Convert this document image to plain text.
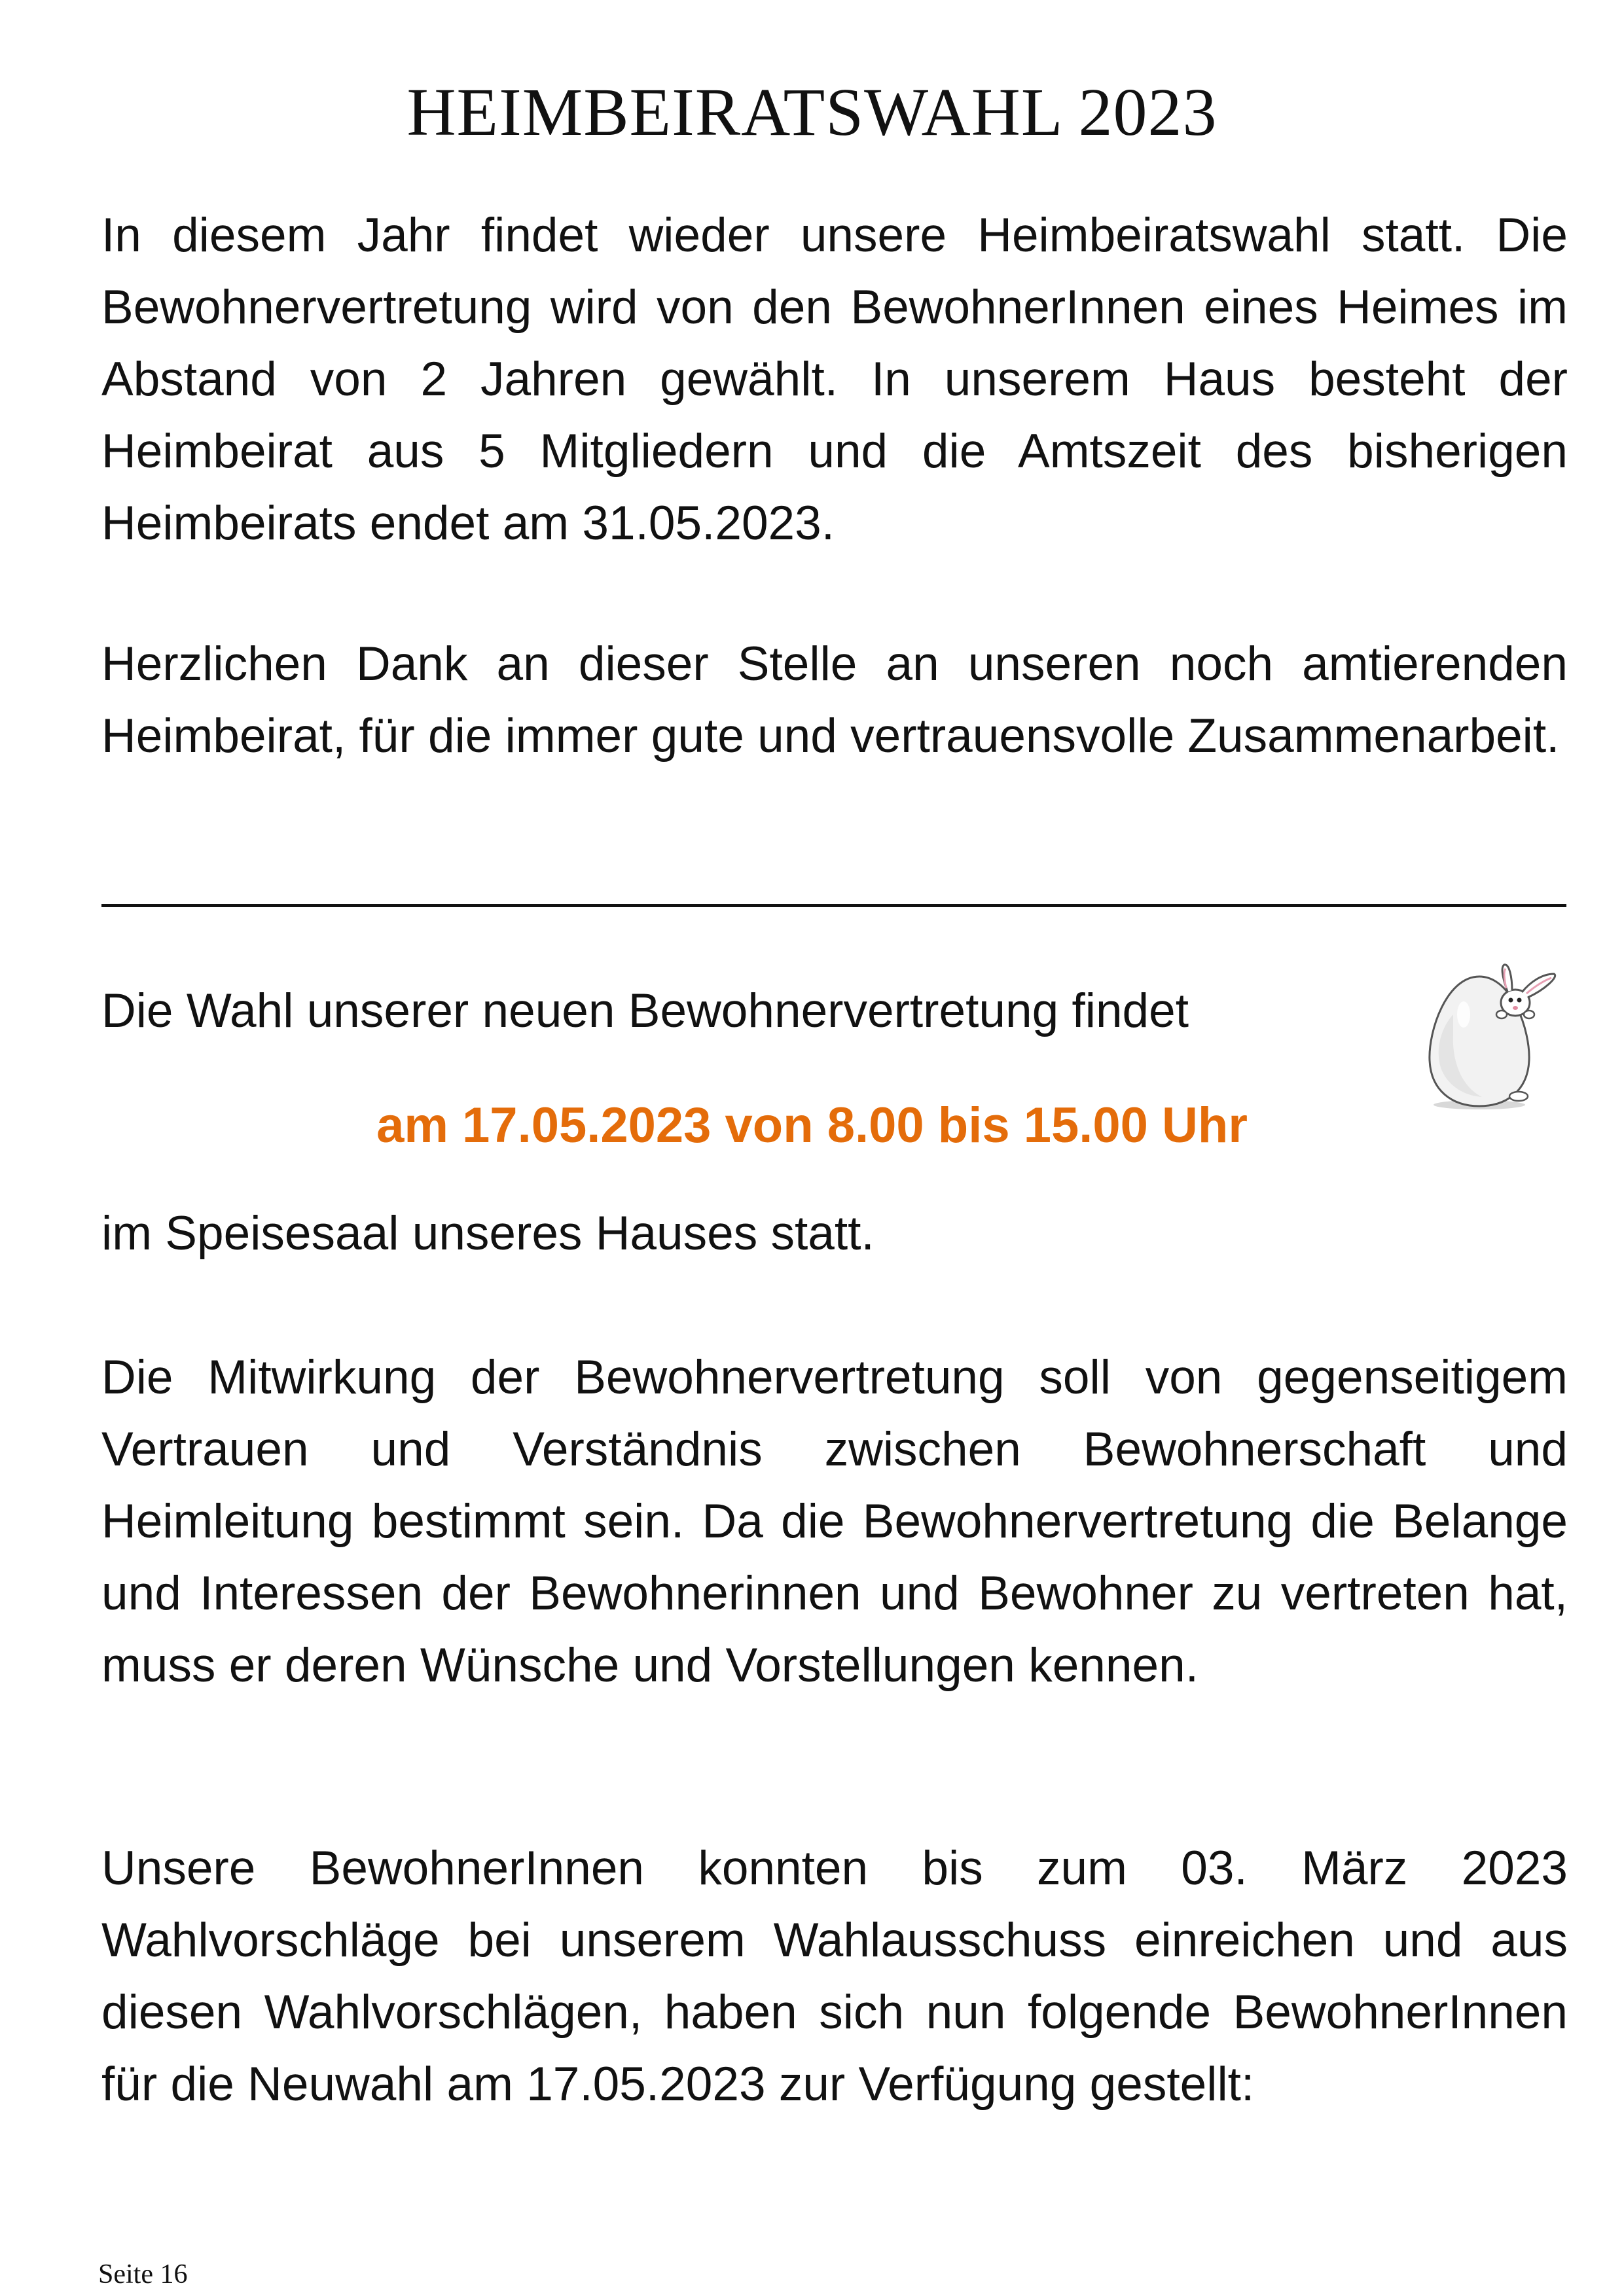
HEIMBEIRATSWAHL 2023

In diesem Jahr findet wieder unsere Heimbeiratswahl statt. Die Bewohnervertretung wird von den BewohnerInnen eines Heimes im Abstand von 2 Jahren gewählt. In unserem Haus besteht der Heimbeirat aus 5 Mitgliedern und die Amtszeit des bisherigen Heimbeirats endet am 31.05.2023.

Herzlichen Dank an dieser Stelle an unseren noch amtierenden Heimbeirat, für die immer gute und vertrauensvolle Zusammenarbeit.

Die Wahl unserer neuen Bewohnervertretung findet

am 17.05.2023 von 8.00 bis 15.00 Uhr

im Speisesaal unseres Hauses statt.

Die Mitwirkung der Bewohnervertretung soll von gegenseitigem Vertrauen und Verständnis zwischen Bewohnerschaft und Heimleitung bestimmt sein. Da die Bewohnervertretung die Belange und Interessen der Bewohnerinnen und Bewohner zu vertreten hat, muss er deren Wünsche und Vorstellungen kennen.

Unsere BewohnerInnen konnten bis zum 03. März 2023 Wahlvorschläge bei unserem Wahlausschuss einreichen und aus diesen Wahlvorschlägen, haben sich nun folgende BewohnerInnen für die Neuwahl am 17.05.2023 zur Verfügung gestellt:

Seite 16
